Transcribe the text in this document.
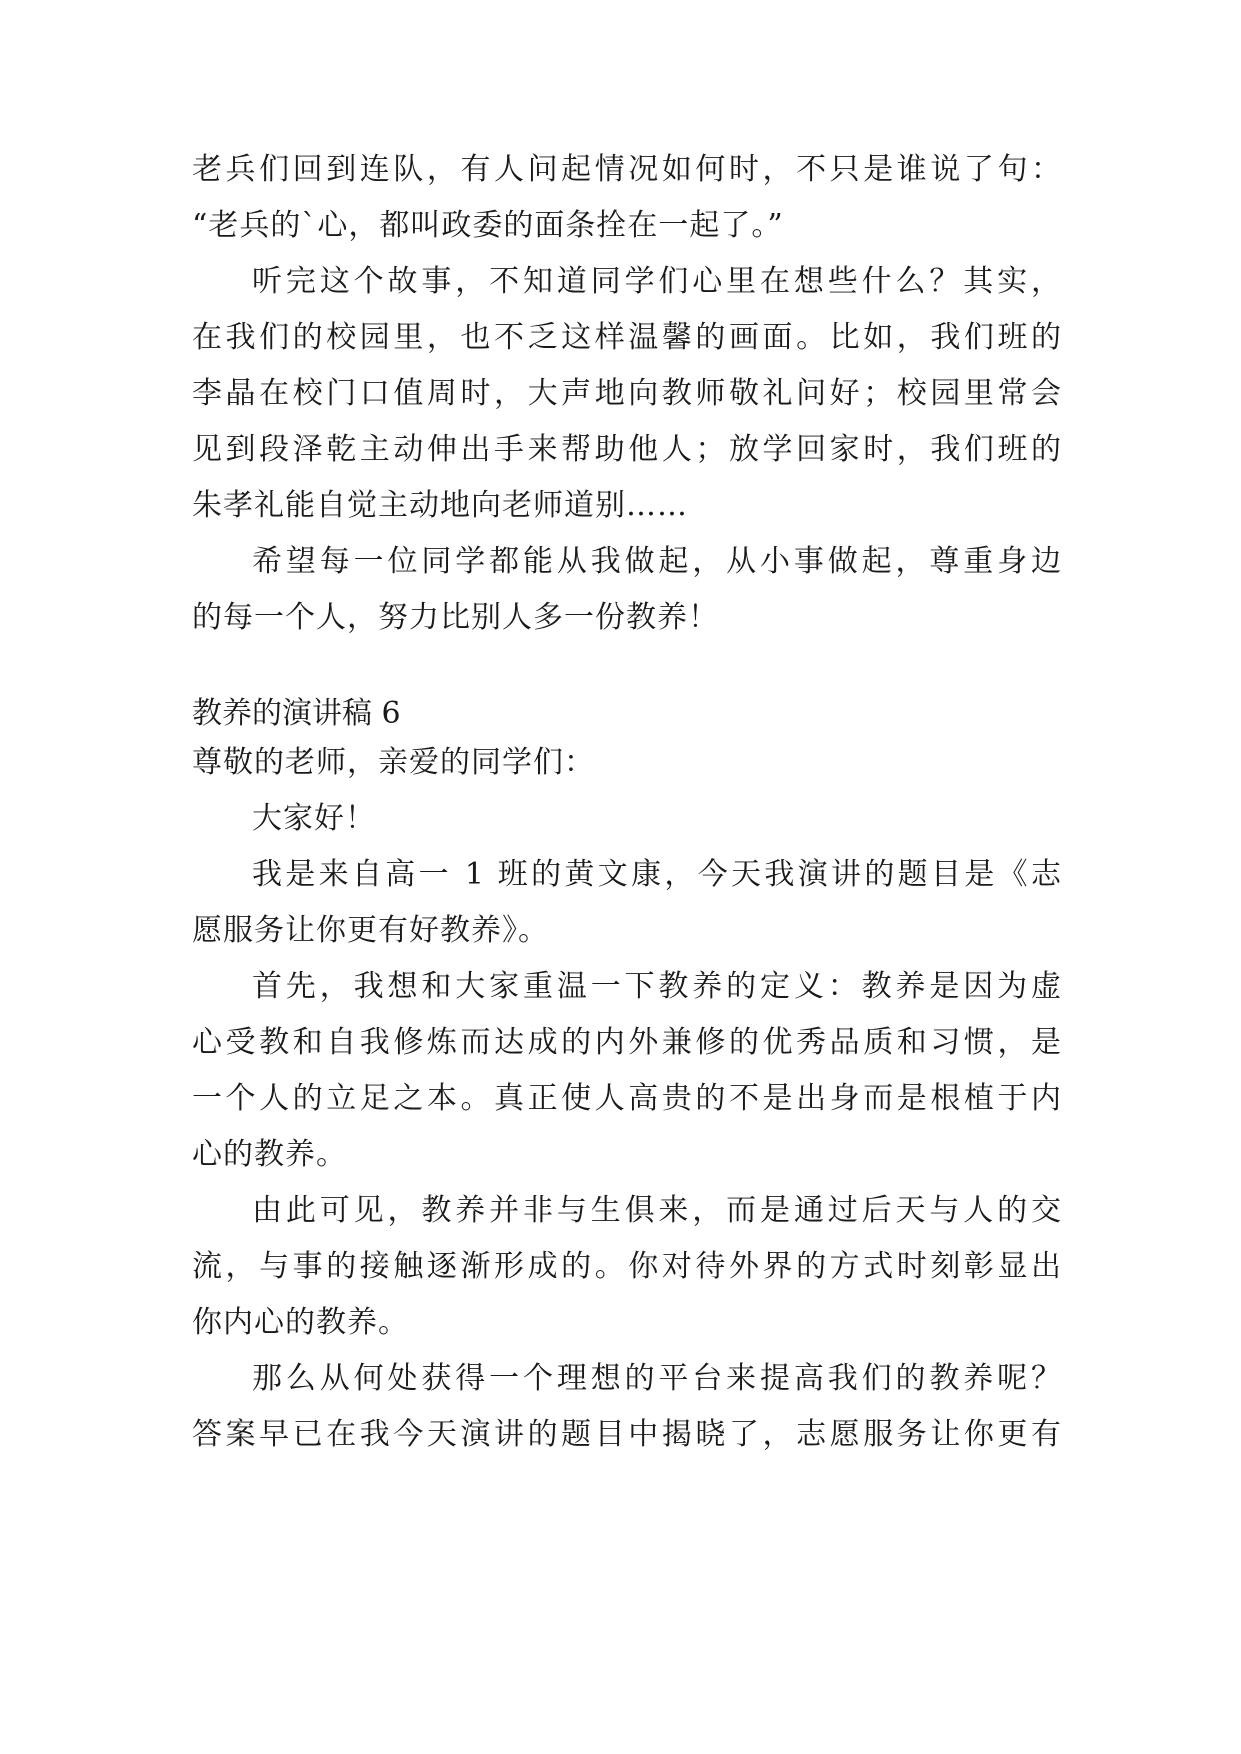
老兵们回到连队，有人问起情况如何时，不只是谁说了句：
“老兵的`心，都叫政委的面条拴在一起了。”
听完这个故事，不知道同学们心里在想些什么？其实，
在我们的校园里，也不乏这样温馨的画面。比如，我们班的
李晶在校门口值周时，大声地向教师敬礼问好；校园里常会
见到段泽乾主动伸出手来帮助他人；放学回家时，我们班的
朱孝礼能自觉主动地向老师道别……
希望每一位同学都能从我做起，从小事做起，尊重身边
的每一个人，努力比别人多一份教养！
教养的演讲稿 6
尊敬的老师，亲爱的同学们：
大家好！
我是来自高一 1 班的黄文康，今天我演讲的题目是《志
愿服务让你更有好教养》。
首先，我想和大家重温一下教养的定义：教养是因为虚
心受教和自我修炼而达成的内外兼修的优秀品质和习惯，是
一个人的立足之本。真正使人高贵的不是出身而是根植于内
心的教养。
由此可见，教养并非与生俱来，而是通过后天与人的交
流，与事的接触逐渐形成的。你对待外界的方式时刻彰显出
你内心的教养。
那么从何处获得一个理想的平台来提高我们的教养呢？
答案早已在我今天演讲的题目中揭晓了，志愿服务让你更有
